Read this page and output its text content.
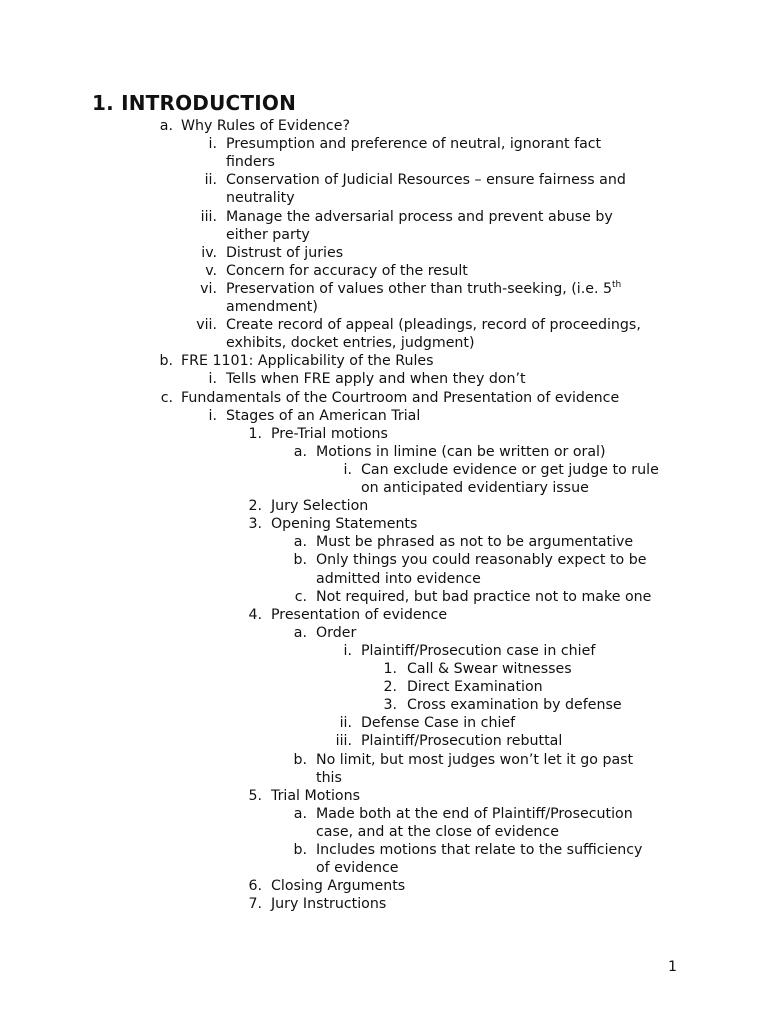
1. INTRODUCTION
a. Why Rules of Evidence?
i. Presumption and preference of neutral, ignorant fact
finders
ii. Conservation of Judicial Resources – ensure fairness and
neutrality
iii. Manage the adversarial process and prevent abuse by
either party
iv. Distrust of juries
v. Concern for accuracy of the result
vi. Preservation of values other than truth-seeking, (i.e. 5th
amendment)
vii. Create record of appeal (pleadings, record of proceedings,
exhibits, docket entries, judgment)
b. FRE 1101: Applicability of the Rules
i. Tells when FRE apply and when they don’t
c. Fundamentals of the Courtroom and Presentation of evidence
i. Stages of an American Trial
1. Pre-Trial motions
a. Motions in limine (can be written or oral)
i. Can exclude evidence or get judge to rule
on anticipated evidentiary issue
2. Jury Selection
3. Opening Statements
a. Must be phrased as not to be argumentative
b. Only things you could reasonably expect to be
admitted into evidence
c. Not required, but bad practice not to make one
4. Presentation of evidence
a. Order
i. Plaintiff/Prosecution case in chief
1. Call & Swear witnesses
2. Direct Examination
3. Cross examination by defense
ii. Defense Case in chief
iii. Plaintiff/Prosecution rebuttal
b. No limit, but most judges won’t let it go past
this
5. Trial Motions
a. Made both at the end of Plaintiff/Prosecution
case, and at the close of evidence
b. Includes motions that relate to the sufficiency
of evidence
6. Closing Arguments
7. Jury Instructions
1
